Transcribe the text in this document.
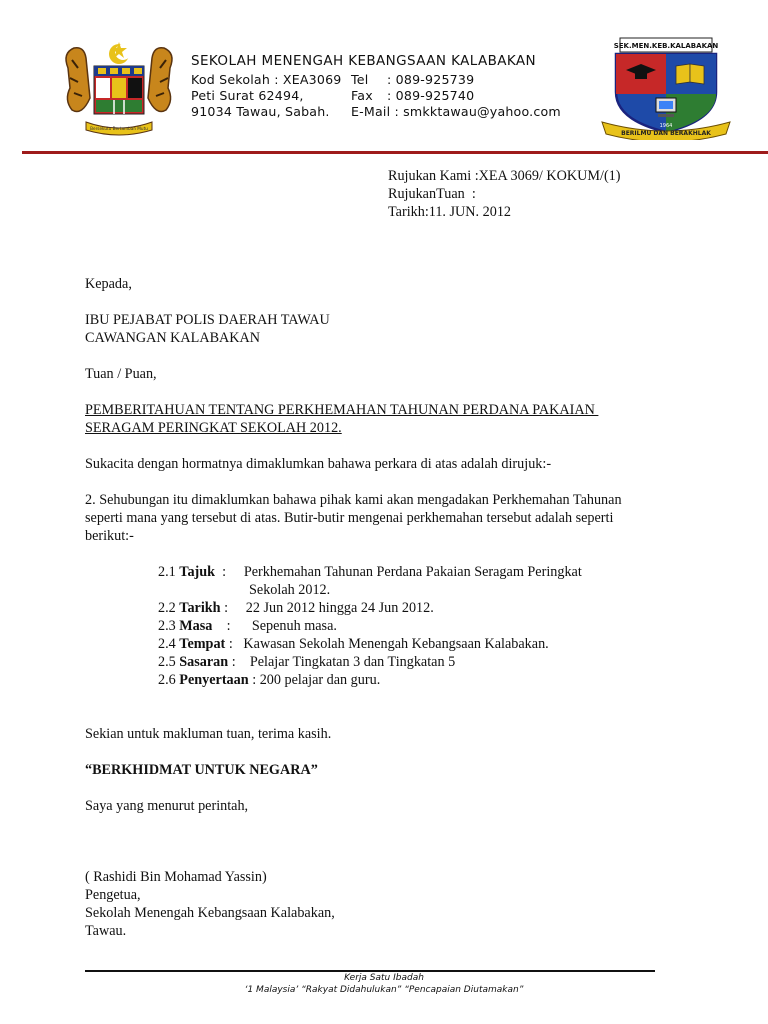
Bersekutu Bertambah Mutu
SEKOLAH MENENGAH KEBANGSAAN KALABAKAN
Kod Sekolah : XEA3069 Tel : 089-925739
Peti Surat 62494,	Fax : 089-925740
91034 Tawau, Sabah. E-Mail : smkktawau@yahoo.com
SEK.MEN.KEB.KALABAKAN
1964
BERILMU DAN BERAKHLAK
Rujukan Kami :XEA 3069/ KOKUM/(1)
RujukanTuan  :
Tarikh:11. JUN. 2012
Kepada,
IBU PEJABAT POLIS DAERAH TAWAU
CAWANGAN KALABAKAN
Tuan / Puan,
PEMBERITAHUAN TENTANG PERKHEMAHAN TAHUNAN PERDANA PAKAIAN
SERAGAM PERINGKAT SEKOLAH 2012.
Sukacita dengan hormatnya dimaklumkan bahawa perkara di atas adalah dirujuk:-
2. Sehubungan itu dimaklumkan bahawa pihak kami akan mengadakan Perkhemahan Tahunan
seperti mana yang tersebut di atas. Butir-butir mengenai perkhemahan tersebut adalah seperti
berikut:-
2.1 Tajuk  :     Perkhemahan Tahunan Perdana Pakaian Seragam Peringkat
Sekolah 2012.
2.2 Tarikh :     22 Jun 2012 hingga 24 Jun 2012.
2.3 Masa    :      Sepenuh masa.
2.4 Tempat :   Kawasan Sekolah Menengah Kebangsaan Kalabakan.
2.5 Sasaran :    Pelajar Tingkatan 3 dan Tingkatan 5
2.6 Penyertaan : 200 pelajar dan guru.
Sekian untuk makluman tuan, terima kasih.
“BERKHIDMAT UNTUK NEGARA”
Saya yang menurut perintah,
( Rashidi Bin Mohamad Yassin)
Pengetua,
Sekolah Menengah Kebangsaan Kalabakan,
Tawau.
Kerja Satu Ibadah
‘1 Malaysia’ “Rakyat Didahulukan” “Pencapaian Diutamakan”
